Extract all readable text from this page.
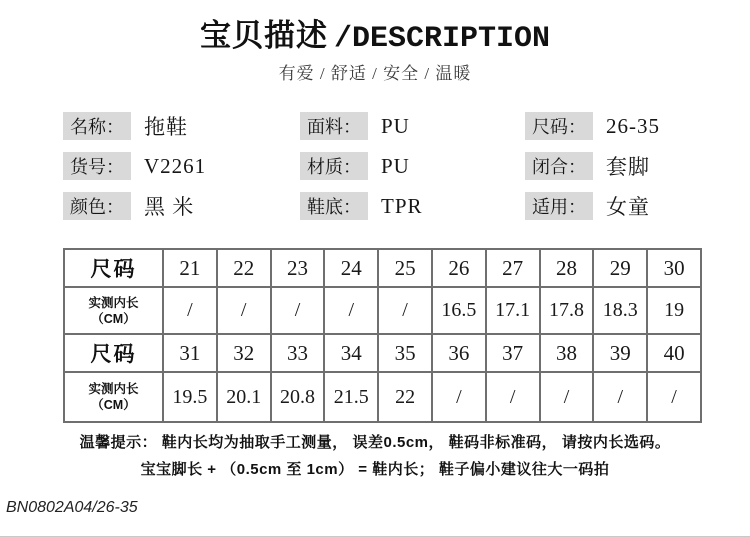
宝贝描述 /DESCRIPTION
有爱 / 舒适 / 安全 / 温暖
名称： 拖鞋	面料： PU	尺码： 26-35
货号： V2261	材质： PU	闭合： 套脚
颜色： 黑 米	鞋底： TPR	适用： 女童
尺码	21	22	23	24	25	26	27	28	29	30

实测内长
（CM）	/	/	/	/	/	16.5	17.1	17.8	18.3	19
尺码	31	32	33	34	35	36	37	38	39	40

实测内长
（CM）	19.5	20.1	20.8	21.5	22	/	/	/	/	/
温馨提示： 鞋内长均为抽取手工测量， 误差0.5cm， 鞋码非标准码， 请按内长选码。
宝宝脚长 + （0.5cm 至 1cm） = 鞋内长； 鞋子偏小建议往大一码拍
BN0802A04/26-35
